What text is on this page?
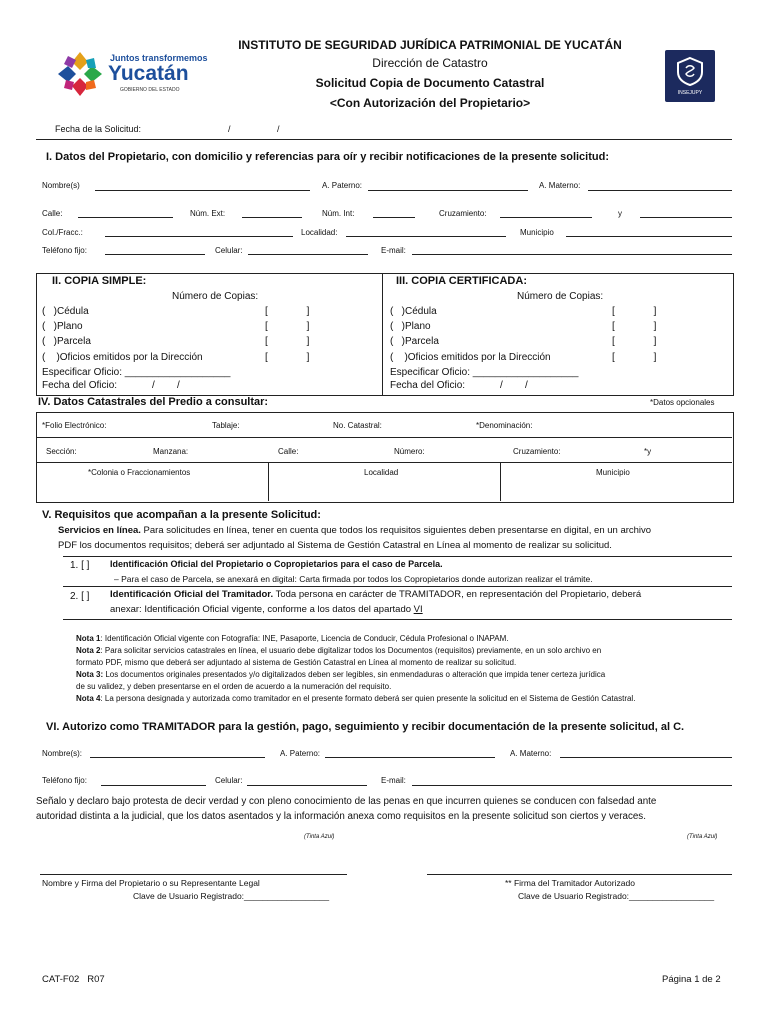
Juntos transformemos
Yucatán
GOBIERNO DEL ESTADO
INSTITUTO DE SEGURIDAD JURÍDICA PATRIMONIAL DE YUCATÁN
Dirección de Catastro
Solicitud Copia de Documento Catastral
<Con Autorización del Propietario>
INSEJUPY
Fecha de la Solicitud:	/	/
I. Datos del Propietario, con domicilio y referencias para oír y recibir notificaciones de la presente solicitud:
Nombre(s)	A. Paterno:	A. Materno:
Calle:	Núm. Ext:	Núm. Int:	Cruzamiento:	y
Col./Fracc.:	Localidad:	Municipio
Teléfono fijo:	Celular:	E-mail:
II. COPIA SIMPLE:
Número de Copias:
(   )Cédula	[              ]
(   )Plano	[              ]
(   )Parcela	[              ]
(    )Oficios emitidos por la Dirección	[              ]
Especificar Oficio: ___________________
Fecha del Oficio:	/        /
III. COPIA CERTIFICADA:
Número de Copias:
(   )Cédula	[              ]
(   )Plano	[              ]
(   )Parcela	[              ]
(    )Oficios emitidos por la Dirección	[              ]
Especificar Oficio: ___________________
Fecha del Oficio:	/        /
IV. Datos Catastrales del Predio a consultar:	*Datos opcionales
*Folio Electrónico:	Tablaje:	No. Catastral:	*Denominación:
Sección:	Manzana:	Calle:	Número:	Cruzamiento:	*y
*Colonia o Fraccionamientos	Localidad	Municipio
V. Requisitos que acompañan a la presente Solicitud:
Servicios en línea. Para solicitudes en línea, tener en cuenta que todos los requisitos siguientes deben presentarse en digital, en un archivo
PDF los documentos requisitos; deberá ser adjuntado al Sistema de Gestión Catastral en Línea al momento de realizar su solicitud.
1. [ ] Identificación Oficial del Propietario o Copropietarios para el caso de Parcela.
– Para el caso de Parcela, se anexará en digital: Carta firmada por todos los Copropietarios donde autorizan realizar el trámite.
2. [ ] Identificación Oficial del Tramitador. Toda persona en carácter de TRAMITADOR, en representación del Propietario, deberá
anexar: Identificación Oficial vigente, conforme a los datos del apartado VI
Nota 1: Identificación Oficial vigente con Fotografía: INE, Pasaporte, Licencia de Conducir, Cédula Profesional o INAPAM.
Nota 2: Para solicitar servicios catastrales en línea, el usuario debe digitalizar todos los Documentos (requisitos) previamente, en un solo archivo en
formato PDF, mismo que deberá ser adjuntado al sistema de Gestión Catastral en Línea al momento de realizar su solicitud.
Nota 3: Los documentos originales presentados y/o digitalizados deben ser legibles, sin enmendaduras o alteración que impida tener certeza jurídica
de su validez, y deben presentarse en el orden de acuerdo a la numeración del requisito.
Nota 4: La persona designada y autorizada como tramitador en el presente formato deberá ser quien presente la solicitud en el Sistema de Gestión Catastral.
VI. Autorizo como TRAMITADOR para la gestión, pago, seguimiento y recibir documentación de la presente solicitud, al C.
Nombre(s):	A. Paterno:	A. Materno:
Teléfono fijo:	Celular:	E-mail:
Señalo y declaro bajo protesta de decir verdad y con pleno conocimiento de las penas en que incurren quienes se conducen con falsedad ante
autoridad distinta a la judicial, que los datos asentados y la información anexa como requisitos en la presente solicitud son ciertos y veraces.
(Tinta Azul)	(Tinta Azul)
Nombre y Firma del Propietario o su Representante Legal
Clave de Usuario Registrado:__________________
** Firma del Tramitador Autorizado
Clave de Usuario Registrado:__________________
CAT-F02   R07	Página 1 de 2
